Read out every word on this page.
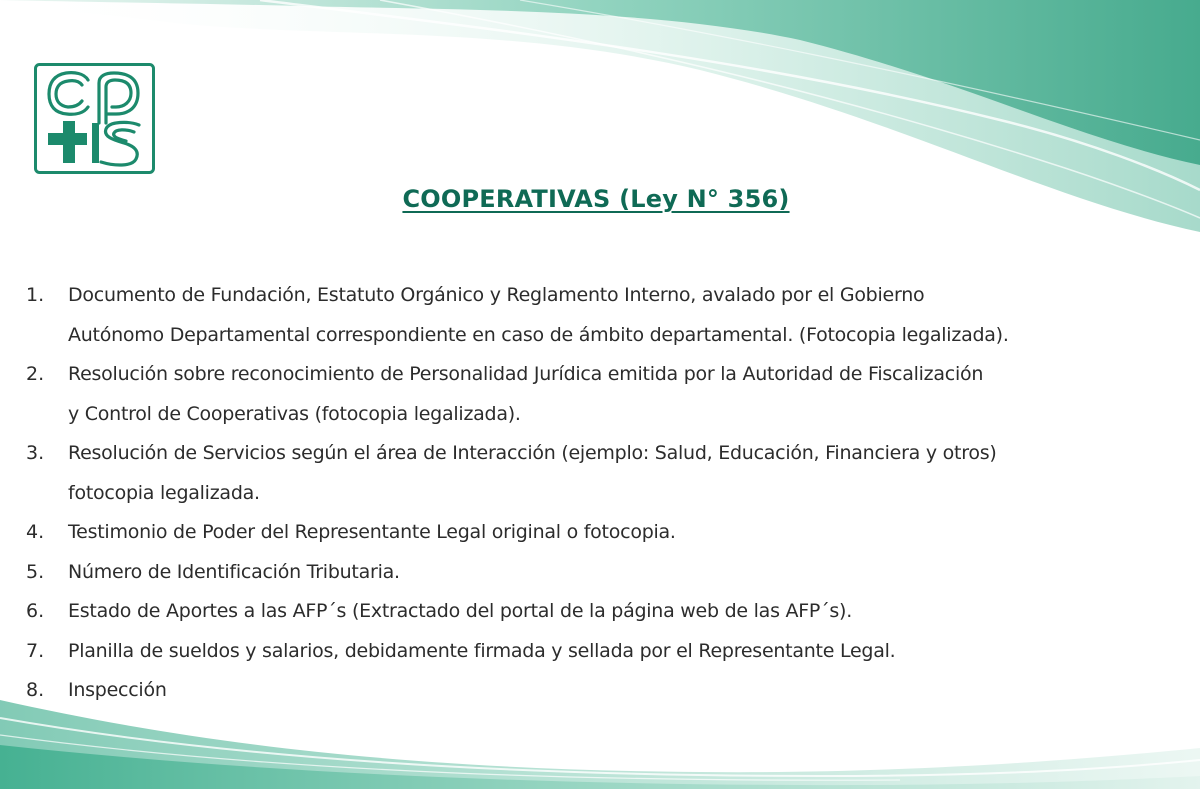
COOPERATIVAS (Ley N° 356)
1.	Documento de Fundación, Estatuto Orgánico y Reglamento Interno, avalado por el Gobierno
Autónomo Departamental correspondiente en caso de ámbito departamental. (Fotocopia legalizada).
2.	Resolución sobre reconocimiento de Personalidad Jurídica emitida por la Autoridad de Fiscalización
y Control de Cooperativas (fotocopia legalizada).
3.	Resolución de Servicios según el área de Interacción (ejemplo: Salud, Educación, Financiera y otros)
fotocopia legalizada.
4.	Testimonio de Poder del Representante Legal original o fotocopia.
5.	Número de Identificación Tributaria.
6.	Estado de Aportes a las AFP´s (Extractado del portal de la página web de las AFP´s).
7.	Planilla de sueldos y salarios, debidamente firmada y sellada por el Representante Legal.
8.	Inspección
